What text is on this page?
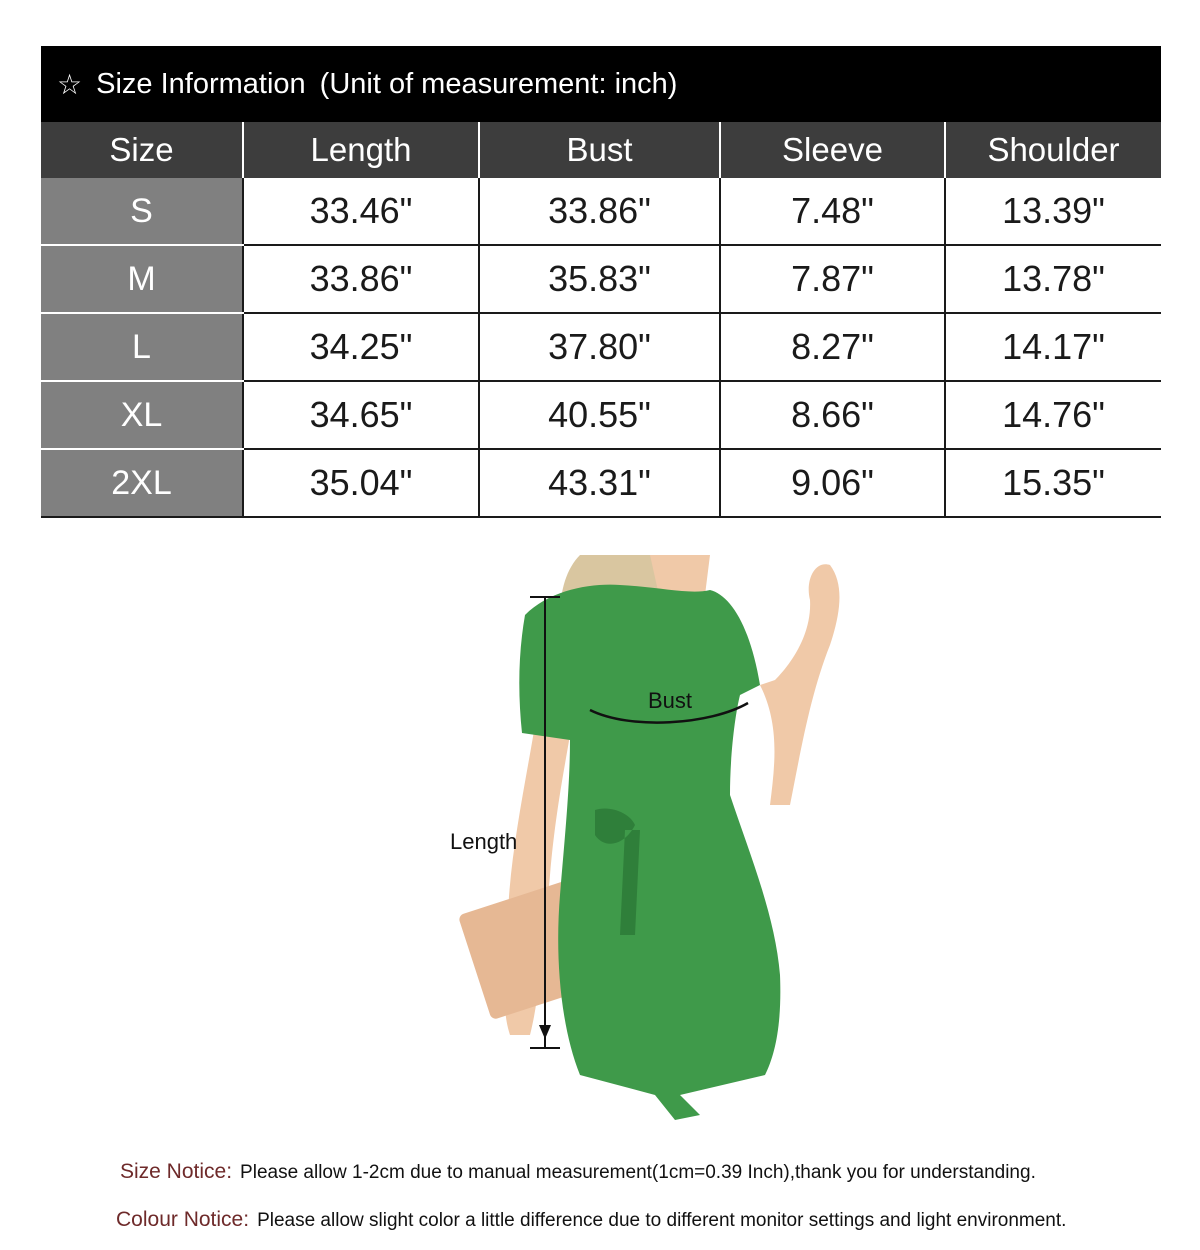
☆ Size Information (Unit of measurement: inch)
Size	Length	Bust	Sleeve	Shoulder
S	33.46"	33.86"	7.48"	13.39"
M	33.86"	35.83"	7.87"	13.78"
L	34.25"	37.80"	8.27"	14.17"
XL	34.65"	40.55"	8.66"	14.76"
2XL	35.04"	43.31"	9.06"	15.35"
Bust
Length
Size Notice: Please allow 1-2cm due to manual measurement(1cm=0.39 Inch),thank you for understanding.
Colour Notice: Please allow slight color a little difference due to different monitor settings and light environment.
